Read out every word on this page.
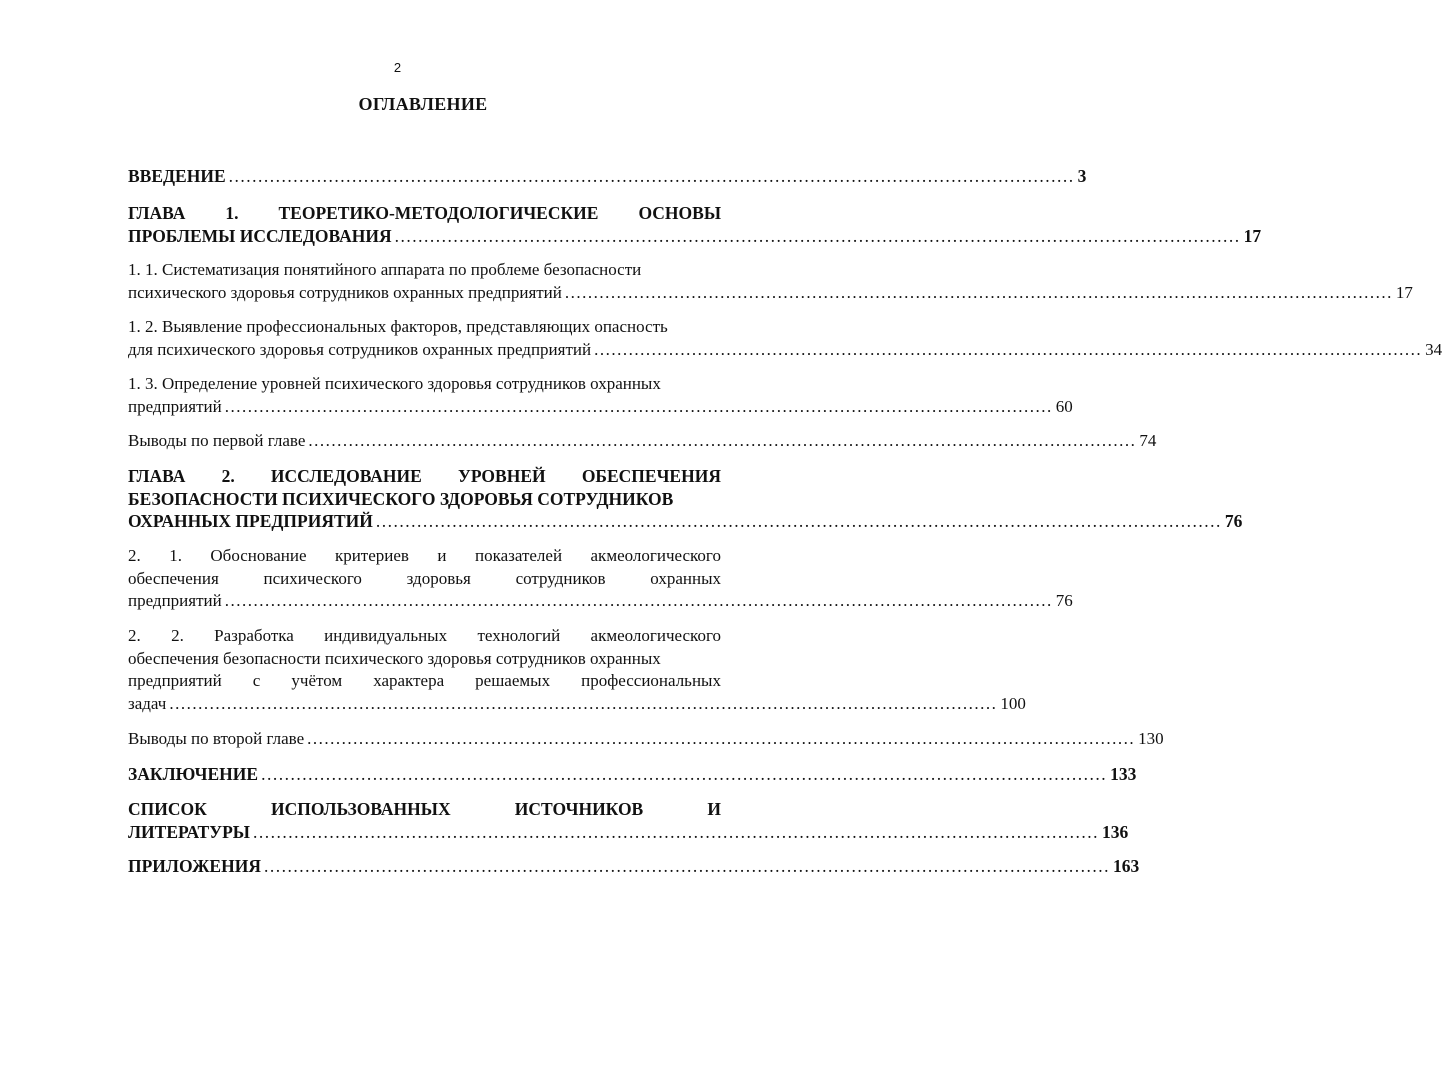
2
ОГЛАВЛЕНИЕ
ВВЕДЕНИЕ ................................................................................................................................................ 3
ГЛАВА 1. ТЕОРЕТИКО-МЕТОДОЛОГИЧЕСКИЕ ОСНОВЫ
ПРОБЛЕМЫ ИССЛЕДОВАНИЯ ................................................................................................................................................ 17
1. 1. Систематизация понятийного аппарата по проблеме безопасности
психического здоровья сотрудников охранных предприятий ................................................................................................................................................ 17
1. 2. Выявление профессиональных факторов, представляющих опасность
для психического здоровья сотрудников охранных предприятий ................................................................................................................................................ 34
1. 3. Определение уровней психического здоровья сотрудников охранных
предприятий ................................................................................................................................................ 60
Выводы по первой главе ................................................................................................................................................ 74
ГЛАВА 2. ИССЛЕДОВАНИЕ УРОВНЕЙ ОБЕСПЕЧЕНИЯ
БЕЗОПАСНОСТИ ПСИХИЧЕСКОГО ЗДОРОВЬЯ СОТРУДНИКОВ
ОХРАННЫХ ПРЕДПРИЯТИЙ ................................................................................................................................................ 76
2. 1. Обоснование критериев и показателей акмеологического
обеспечения	психического	здоровья	сотрудников	охранных
предприятий ................................................................................................................................................ 76
2. 2. Разработка индивидуальных технологий акмеологического
обеспечения безопасности психического здоровья сотрудников охранных
предприятий с учётом характера решаемых профессиональных
задач ................................................................................................................................................ 100
Выводы по второй главе ................................................................................................................................................ 130
ЗАКЛЮЧЕНИЕ ................................................................................................................................................ 133
СПИСОК	ИСПОЛЬЗОВАННЫХ	ИСТОЧНИКОВ	И
ЛИТЕРАТУРЫ ................................................................................................................................................ 136
ПРИЛОЖЕНИЯ ................................................................................................................................................ 163
